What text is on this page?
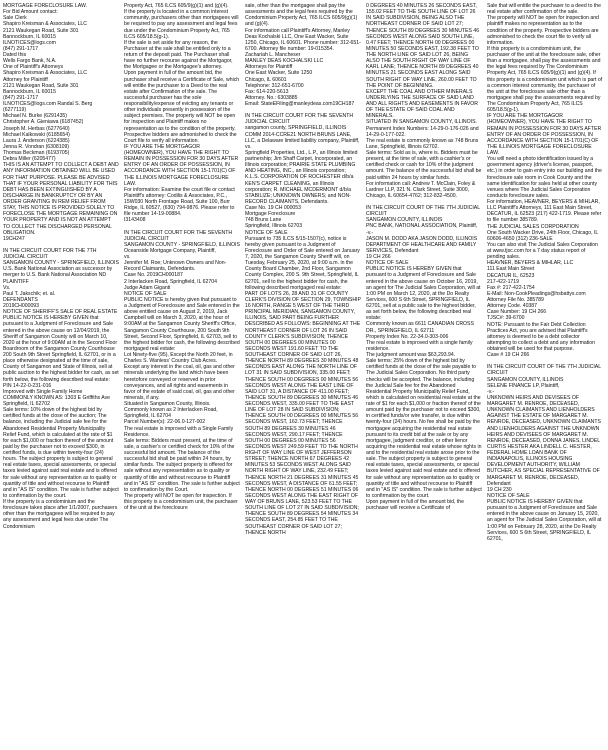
MORTGAGE FORECLOSURE LAW.
For Bid Amount contact:
Sale Clerk
Shapiro Kreisman & Associates, LLC
2121 Waukegan Road, Suite 301
Bannockburn, IL 60015
ILNOTICES@logs.com
(847) 291-1717
Dated this
Wells Fargo Bank, N.A.
One of Plaintiff's Attorneys
Shapiro Kreisman & Associates, LLC
Attorney for Plaintiff
2121 Waukegan Road, Suite 301
Bannockburn, IL 60015
(847) 291-1717
ILNOTICES@logs.com Randal S. Berg
(6277119)
Michael N. Burke (6291435)
Christopher A. Gieniawa (6187452)
Joseph M. Herbas (6277640)
Michael Kalkowski (6185654)
Laura J. Anderson (6224385)
Jenna R. Vondran (6308109)
Thomas Beckman (6193705)
Debra Miller (6205477)
THIS IS AN ATTEMPT TO COLLECT A DEBT AND ANY INFORMATION OBTAINED WILL BE USED FOR THAT PURPOSE. PLEASE BE ADVISED THAT IF YOUR PERSONAL LIABILITY FOR THIS DEBT HAS BEEN EXTINGUISHED BY A DISCHARGE IN BANKRUPTCY OR BY AN ORDER GRANTING IN REM RELIEF FROM STAY, THIS NOTICE IS PROVIDED SOLELY TO FORECLOSE THE MORTGAGE REMAINING ON YOUR PROPERTY AND IS NOT AN ATTEMPT TO COLLECT THE DISCHARGED PERSONAL OBLIGATION.
19CH247

IN THE CIRCUIT COURT FOR THE 7TH JUDICIAL CIRCUIT
SANGAMON COUNTY - SPRINGFIELD, ILLINOIS
U.S. Bank National Association as successor by merger to U.S. Bank National Association ND
PLAINTIFF
Vs.
Paul T. Jakschik; et. al.
DEFENDANTS
2019CH000093
NOTICE OF SHERIFF'S SALE OF REAL ESTATE
PUBLIC NOTICE IS HEREBY GIVEN that pursuant to a Judgment of Foreclosure and Sale entered in the above cause on 12/04/2019, the Sheriff of Sangamon County will on March 10, 2020 at the hour of 9:00AM at in the Second Floor Boardroom of the Sangamon County Courthouse 200 South 9th Street Springfield, IL 62701, or in a place otherwise designated at the time of sale, County of Sangamon and State of Illinois, sell at public auction to the highest bidder for cash, as set forth below, the following described real estate:
PIN 14-22-0-231-016
Improved with Single Family Home
COMMONLY KNOWN AS: 1303 E Griffiths Ave Springfield, IL 62702
Sale terms: 10% down of the highest bid by certified funds at the close of the auction; The balance, including the Judicial sale fee for the Abandoned Residential Property Municipality Relief Fund, which is calculated at the rate of $1 for each $1,000 or fraction thereof of the amount paid by the purchaser not to exceed $300, in certified funds, is due within twenty-four (24) hours. The subject property is subject to general real estate taxes, special assessments, or special taxes levied against said real estate and is offered for sale without any representation as to quality or quantity of title and without recourse to Plaintiff and in "AS IS" condition. The sale is further subject to confirmation by the court.
If the property is a condominium and the foreclosure takes place after 1/1/2007, purchasers other than the mortgagees will be required to pay any assessment and legal fees due under The Condominium

Property Act, 765 ILCS 605/9(g)(1) and (g)(4).
If the property is located in a common interest community, purchasers other than mortgagees will be required to pay any assessment and legal fees due under the Condominium Property Act, 765 ILCS 605/18.5(g-1).
If the sale is set aside for any reason, the Purchaser at the sale shall be entitled only to a return of the deposit paid. The Purchaser shall have no further recourse against the Mortgagor, the Mortgagee or the Mortgagee's attorney.
Upon payment in full of the amount bid, the purchaser shall receive a Certificate of Sale, which will entitle the purchaser to a Deed to the real estate after Confirmation of the sale. The successful purchaser has the sole responsibility/expense of evicting any tenants or other individuals presently in possession of the subject premises. The property will NOT be open for inspection and Plaintiff makes no representation as to the condition of the property. Prospective bidders are admonished to check the Court file to verify all information.
IF YOU ARE THE MORTGAGOR (HOMEOWNER), YOU HAVE THE RIGHT TO REMAIN IN POSSESSION FOR 30 DAYS AFTER ENTRY OF AN ORDER OF POSSESSION, IN ACCORDANCE WITH SECTION 15-1701(C) OF THE ILLINOIS MORTGAGE FORECLOSURE LAW.
For information: Examine the court file or contact Plaintiff's attorney: Codilis & Associates, P.C., 15W030 North Frontage Road, Suite 100, Burr Ridge, IL 60527, (630) 794-9876. Please refer to file number 14-19-00884.
I3143408

IN THE CIRCUIT COURT FOR THE SEVENTH JUDICIAL CIRCUIT
SANGAMON COUNTY - SPRINGFIELD, ILLINOIS
Oceanside Mortgage Company, Plaintiff,
vs.
Jennifer M. Roe; Unknown Owners and Non-Record Claimants, Defendants.
Case No. 2019CH000187
2 Interlacken Road, Springfield, IL 62704
Judge Adam Giganti
NOTICE OF SALE
PUBLIC NOTICE is hereby given that pursuant to a Judgment of Foreclosure and Sale entered in the above entitled cause on August 2, 2019, Jack Campbell will on March 3, 2020, at the hour of 9:00AM at the Sangamon County Sheriff's Office, Sangamon County Courthouse, 200 South 9th Street, Second Floor, Springfield, IL 62703, sell to the highest bidder for cash, the following described mortgaged real estate:
Lot Ninety-five (95), Except the North 20 feet, in Charles S. Wanless' Country Club Acres.
Except any interest in the coal, oil, gas and other minerals underlying the land which have been heretofore conveyed or reserved in prior conveyances, and all rights and easements in favor of the estate of said coal, oil, gas and other minerals, if any.
Situated in Sangamon County, Illinois.
Commonly known as 2 Interlacken Road, Springfield, IL 62704
Parcel Number(s): 22-06.0-127-002
The real estate is improved with a Single Family Residence.
Sale terms: Bidders must present, at the time of sale, a cashier's or certified check for 10% of the successful bid amount. The balance of the successful bid shall be paid within 24 hours, by similar funds. The subject property is offered for sale without any representation as to quality or quantity of title and without recourse to Plaintiff and in "AS IS" condition. The sale is further subject to confirmation by the Court.
The property will NOT be open for inspection. If this property is a condominium unit, the purchaser of the unit at the foreclosure

sale, other than the mortgagee shall pay the assessments and the legal fees required by the Condominium Property Act, 765 ILCS 605/9(g)(1) and (g)(4).
For information call Plaintiff's Attorney, Manley Deas Kochalski LLC, One East Wacker, Suite 1250, Chicago, IL 60601. Phone number: 312-651-6700. Attorney file number: 19-015354.
Zachariah L. Mancheser
MANLEY DEAS KOCHALSKI LLC
Attorneys for Plaintiff
One East Wacker, Suite 1250
Chicago, IL 60601
Telephone: 312-651-6700
Fax: 614-220-5613
Attorney. No.: 6303885
Email: StateEFiling@manleydeas.com19CH187

IN THE CIRCUIT COURT FOR THE SEVENTH JUDICIAL CIRCUIT
sangamon county, SPRINGFIELD, ILLINOIS
COMM 2014-CCRE21 NORTH BRUNS LANE, LLC, a Delaware limited liability company, Plaintiff,
vs.
Springfield Properties, Ltd., L.P., an Illinois limited partnership; Jim Shaff Carpet, Incorporated, an Illinois corporation; PRAIRIE STATE PLUMBING AND HEATING, INC., an Illinois corporation; K.L.S. CORPORATION OF ROCHESTER d/b/a KEN'S CARPET CLEANING, an Illinois corporation; R. MICHAEL MCDERMONT d/b/a STABILIZE; UNKNOWN OWNERS; and NON-RECORD CLAIMANTS, Defendants.
Case No. 19 CH 000053
Mortgage Foreclosure
748 Bruns Lane
Springfield, Illinois 62703
NOTICE OF SALE
Pursuant to 735 ILCS 5/15-1507(c), notice is hereby given pursuant to a Judgment of Foreclosure and Order of Sale entered on January 7, 2020, the Sangamon County Sheriff will, on Tuesday, February 25, 2020, at 9:00 a.m. in the County Board Chamber, 2nd Floor, Sangamon County Complex, 200 S. 9th Street, Springfield, IL 62701, sell to the highest bidder for cash, the following described mortgaged real estate:
PART OF LOTS 26, 28 AND 31 OF COUNTY CLERK'S DIVISION OF SECTION 29, TOWNSHIP 16 NORTH, RANGE 5 WEST OF THE THIRD PRINCIPAL MERIDIAN, SANGAMON COUNTY, ILLINOIS, SAID PART BEING FURTHER DESCRIBED AS FOLLOWS: BEGINNING AT THE NORTHEAST CORNER OF LOT 26 IN SAID COUNTY CLERK'S SUBDIVISION; THENCE SOUTH 00 DEGREES 00 MINUTES 00 SECONDS WEST 191.60 FEET TO THE SOUTHEAST CORNER OF SAID LOT 26, THENCE NORTH 89 DEGREES 30 MINUTES 48 SECONDS EAST ALONG THE NORTH LINE OF LOT 31 IN SAID SUBDIVISION, 335.00 FEET; THENCE SOUTH 00 DEGREES 00 MINUTES 56 SECONDS WEST ALONG THE EAST LINE OF SAID LOT 31, A DISTANCE OF 411.00 FEET; THENCE SOUTH 89 DEGREES 30 MINUTES 46 SECONDS WEST, 335.00 FEET TO THE EAST LINE OF LOT 28 IN SAID SUBDIVISION; THENCE SOUTH 00 DEGREES 00 MINUTES 56 SECONDS WEST, 162.73 FEET; THENCE SOUTH 89 DEGREES 30 MINUTES 46 SECONDS WEST, 290.17 FEET; THENCE SOUTH 00 DEGREES 00 MINUTES 56 SECONDS WEST 249.59 FEET TO THE NORTH RIGHT OF WAY LINE OF WEST JEFFERSON STREET; THENCE NORTH 67 DEGREES 42 MINUTES 53 SECONDS WEST ALONG SAID NORTH RIGHT OF WAY LINE, 232.49 FEET; THENCE NORTH 21 DEGREES 31 MINUTES 45 SECONDS WEST, A DISTANCE OF 61.55 FEET; THENCE NORTH 00 DEGREES 51 MINUTES 06 SECONDS WEST ALONG THE EAST RIGHT OF WAY OF BRUNS LANE, 523.53 FEET TO THE SOUTH LINE OF LOT 27 IN SAID SUBDIVISION; THENCE SOUTH 89 DEGREES 54 MINUTES 34 SECONDS EAST, 254.85 FEET TO THE SOUTHEAST CORNER OF SAID LOT 27; THENCE NORTH

0 DEGREES 40 MINUTES 26 SECONDS EAST, 155.02 FEET TO THE SOUTH LINE OF LOT 26 IN SAID SUBDIVISION, BEING ALSO THE NORTHEAST CORNER OF SAID LOT 27; THENCE SOUTH 89 DEGREES 30 MINUTES 46 SECONDS WEST ALONG SAID SOUTH LINE, 0.47 FEET; THENCE NORTH 00 DEGREES 00 MINUTES 50 SECONDS EAST, 192.38 FEET TO THE NORTH LINE OF SAID LOT 26, BEING ALSO THE SOUTH RIGHT OF WAY LINE OF KARL LANE; THENCE NORTH 89 DEGREES 40 MINUTES 21 SECONDS EAST ALONG SAID SOUTH RIGHT OF WAY LINE, 260.00 FEET TO THE POINT OF BEGINNING.
EXCEPT THE COAL AND OTHER MINERALS UNDERLYING THE SURFACE OF SAID LAND AND ALL RIGHTS AND EASEMENTS IN FAVOR OF THE ESTATE OF SAID COAL AND MINERALS.
SITUATED IN SANGAMON COUNTY, ILLINOIS.
Permanent Index Numbers: 14-29-0-176-026 and 14-29-0-177-022.
The real estate is commonly known as 748 Bruns Lane, Springfield, Illinois 62702.
Sale terms: Sold as is, where is. Bidders must be present, at the time of sale, with a cashier's or certified check or cash for 10% of the judgment amount. The balance of the successful bid shall be paid within 24 hours by similar funds.
For information call: Andrew T. McClain, Foley & Lardner LLP, 321 N. Clark Street, Suite 3000, Chicago, IL 60654-4762; 312-832-4500.

IN THE CIRCUIT COURT OF THE 7TH JUDICIAL CIRCUIT
SANGAMON COUNTY, ILLINOIS
PNC BANK, NATIONAL ASSOCIATION, Plaintiff,
-v.-
JASON M. DODD AKA JASON DODD, ILLINOIS DEPARTMENT OF HEALTHCARE AND FAMILY SERVICES, Defendant
19 CH 266
NOTICE OF SALE
PUBLIC NOTICE IS HEREBY GIVEN that pursuant to a Judgment of Foreclosure and Sale entered in the above cause on October 16, 2019, an agent for The Judicial Sales Corporation, will at 1:00 PM on March 12, 2020, at the Do Realty Services, 600 S 6th Street, SPRINGFIELD, IL 62701, sell at a public sale to the highest bidder, as set forth below, the following described real estate:
Commonly known as 6611 CANADIAN CROSS DR., SPRINGFIELD, IL 62711
Property Index No. 22-34.0-303-006
The real estate is improved with a single family residence.
The judgment amount was $63,293.94.
Sale terms: 25% down of the highest bid by certified funds at the close of the sale payable to The Judicial Sales Corporation. No third party checks will be accepted. The balance, including the Judicial Sale fee for the Abandoned Residential Property Municipality Relief Fund, which is calculated on residential real estate at the rate of $1 for each $1,000 or fraction thereof of the amount paid by the purchaser not to exceed $300, in certified funds/or wire transfer, is due within twenty-four (24) hours. No fee shall be paid by the mortgagee acquiring the residential real estate pursuant to its credit bid at the sale or by any mortgagee, judgment creditor, or other lienor acquiring the residential real estate whose rights in and to the residential real estate arose prior to the sale. The subject property is subject to general real estate taxes, special assessments, or special taxes levied against said real estate and is offered for sale without any representation as to quality or quantity of title and without recourse to Plaintiff and in "AS IS" condition. The sale is further subject to confirmation by the court.
Upon payment in full of the amount bid, the purchaser will receive a Certificate of

Sale that will entitle the purchaser to a deed to the real estate after confirmation of the sale.
The property will NOT be open for inspection and plaintiff makes no representation as to the condition of the property. Prospective bidders are admonished to check the court file to verify all information.
If this property is a condominium unit, the purchaser of the unit at the foreclosure sale, other than a mortgagee, shall pay the assessments and the legal fees required by The Condominium Property Act, 765 ILCS 605/9(g)(1) and (g)(4). If this property is a condominium unit which is part of a common interest community, the purchaser of the unit at the foreclosure sale other than a mortgagee shall pay the assessments required by The Condominium Property Act, 765 ILCS 605/18.5(g-1).
IF YOU ARE THE MORTGAGOR (HOMEOWNER), YOU HAVE THE RIGHT TO REMAIN IN POSSESSION FOR 30 DAYS AFTER ENTRY OF AN ORDER OF POSSESSION, IN ACCORDANCE WITH SECTION 15-1701(C) OF THE ILLINOIS MORTGAGE FORECLOSURE LAW.
You will need a photo identification issued by a government agency (driver's license, passport, etc.) in order to gain entry into our building and the foreclosure sale room in Cook County and the same identification for sales held at other county venues where The Judicial Sales Corporation conducts foreclosure sales.
For information, HEAVNER, BEYERS & MIHLAR, LLC Plaintiff's Attorneys, 111 East Main Street, DECATUR, IL 62523 (217) 422-1719. Please refer to file number 385789.
THE JUDICIAL SALES CORPORATION
One South Wacker Drive, 24th Floor, Chicago, IL 60606-4650 (312) 236-SALE
You can also visit The Judicial Sales Corporation at www.tjsc.com for a 7 day status report of pending sales.
HEAVNER, BEYERS & MIHLAR, LLC
111 East Main Street
DECATUR IL, 62523
217-422-1719
Fax #: 217-422-1754
E-Mail: Non-CookPleadings@hsbattys.com
Attorney File No. 385789
Attorney Code. 40387
Case Number: 19 CH 266
TJSC#: 39-6700
NOTE: Pursuant to the Fair Debt Collection Practices Act, you are advised that Plaintiff's attorney is deemed to be a debt collector attempting to collect a debt and any information obtained will be used for that purpose.
Case # 19 CH 266

IN THE CIRCUIT COURT OF THE 7TH JUDICIAL CIRCUIT
SANGAMON COUNTY, ILLINOIS
SELENE FINANCE LP, Plaintiff,
-v.-
UNKNOWN HEIRS AND DEVISEES OF MARGARET M. RENROE, DECEASED, UNKNOWN CLAIMANTS AND LIENHOLDERS AGAINST THE ESTATE OF MARGARET M. RENROE, DECEASED, UNKNOWN CLAIMANTS AND LIENHOLDERS AGAINST THE UNKNOWN HEIRS AND DEVISEES OF MARGARET M. RENROE, DECEASED, DONNA JANES, LINDEL CURTIS HESTER AKA LINDELL C. HESTER, FEDERAL HOME LOAN BANK OF INDIANAPOLIS, ILLINOIS HOUSING DEVELOPMENT AUTHORITY, WILLIAM BUTCHER, AS SPECIAL REPRESENTATIVE OF MARGARET M. RENROE, DECEASED, Defendant
19 CH 230
NOTICE OF SALE
PUBLIC NOTICE IS HEREBY GIVEN that pursuant to a Judgment of Foreclosure and Sale entered in the above cause on January 15, 2020, an agent for The Judicial Sales Corporation, will at 1:00 PM on February 28, 2020, at the Do Realty Services, 600 S 6th Street, SPRINGFIELD, IL 62701,
